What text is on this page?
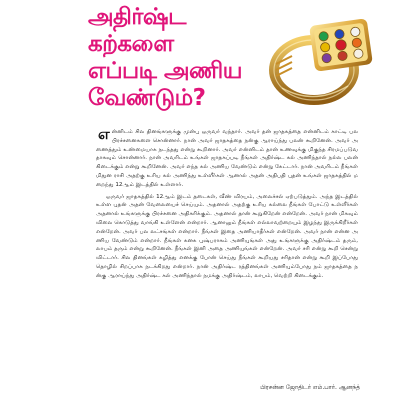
அதிர்ஷ்ட
கற்களை
எப்படி அணிய
வேண்டும்?

என்னிடம் சில தினங்களுக்கு முன்பு ஒருவர் வந்தார். அவர் தன் ஜாதகத்தை என்னிடம் காட்டி பல பிரச்சனைகளை சொன்னார். நான் அவர் ஜாதகத்தை நன்கு ஆராய்ந்து பலன் கூறினேன். அவர் அணைத்தும் உண்மையாக நடந்தது என்று கூறினார். அவர் என்னிடம் தான் உணவுக்கு மிகுந்த சிரமப்படுவதாகவும் சொன்னார். நான் அவரிடம் உங்கள் ஜாதகப்படி நீங்கள் அதிர்ஷ்ட கல் அணிந்தால் நல்ல பலன் கிடைக்கும் என்று கூறினேன். அவர் எந்த கல் அணிய வேண்டும் என்று கேட்டார். நான் அவரிடம் நீங்கள் மிதுன ராசி அதற்கு உரிய கல் அணிந்து உள்ளீர்கள் ஆனால் அதன் அதிபதி புதன் உங்கள் ஜாதகத்தில் மறைந்து 12ஆம் இடத்தில் உள்ளார்.

ஒருவர் ஜாதகத்தில் 12ஆம் இடம் தடைகள், வீண் விரயம், அலைச்சல் ஏற்படுத்தும். அந்த இடத்தில் உள்ள புதன் அதன் வேலையைச் செய்யும். அதனால் அதற்கு உரிய கல்லை நீங்கள் போட்டு உள்ளீர்கள் அதனால் உங்களுக்கு பிரச்சனை அதிகரிக்கும். அதனால் தான் கூறுகிறேன் என்றேன். அவர் நான் மிகவும் விலை கொடுத்து வாங்கி உள்ளேன் என்றார். ஆனாலும் நீங்கள் எல்லாவற்றையும் இழந்து இருக்கிறீர்கள் என்றேன். அவர் பல லட்சங்கள் என்றார். நீங்கள் இதை அணியாதீர்கள் என்றேன். அவர் நான் என்ன அணிய வேண்டும் என்றார். நீங்கள் கனக புஷ்பராகம் அணியுங்கள் அது உங்களுக்கு அதிர்ஷ்டம் தரும், லாபம் தரும் என்று கூறினேன். நீங்கள் இனி அதை அணியுங்கள் என்றேன். அவர் சரி என்று கூறி சென்று விட்டார். சில தினங்கள் கழித்து எனக்கு போன் செய்து நீங்கள் கூறியது சரிதான் என்று கூறி இப்போது தொழில் சிறப்பாக நடக்கிறது என்றார். நான் அதிர்ஷ்ட ரத்தினங்கள் அணியும்போது நம் ஜாதகத்தை நன்கு ஆராய்ந்து அதிர்ஷ்ட கல் அணிந்தால் நமக்கு அதிர்ஷ்டம், லாபம், வெற்றி கிடைக்கும்.

பிரசன்ன ஜோதிடர் எம்.பார். ஆனந்த்
